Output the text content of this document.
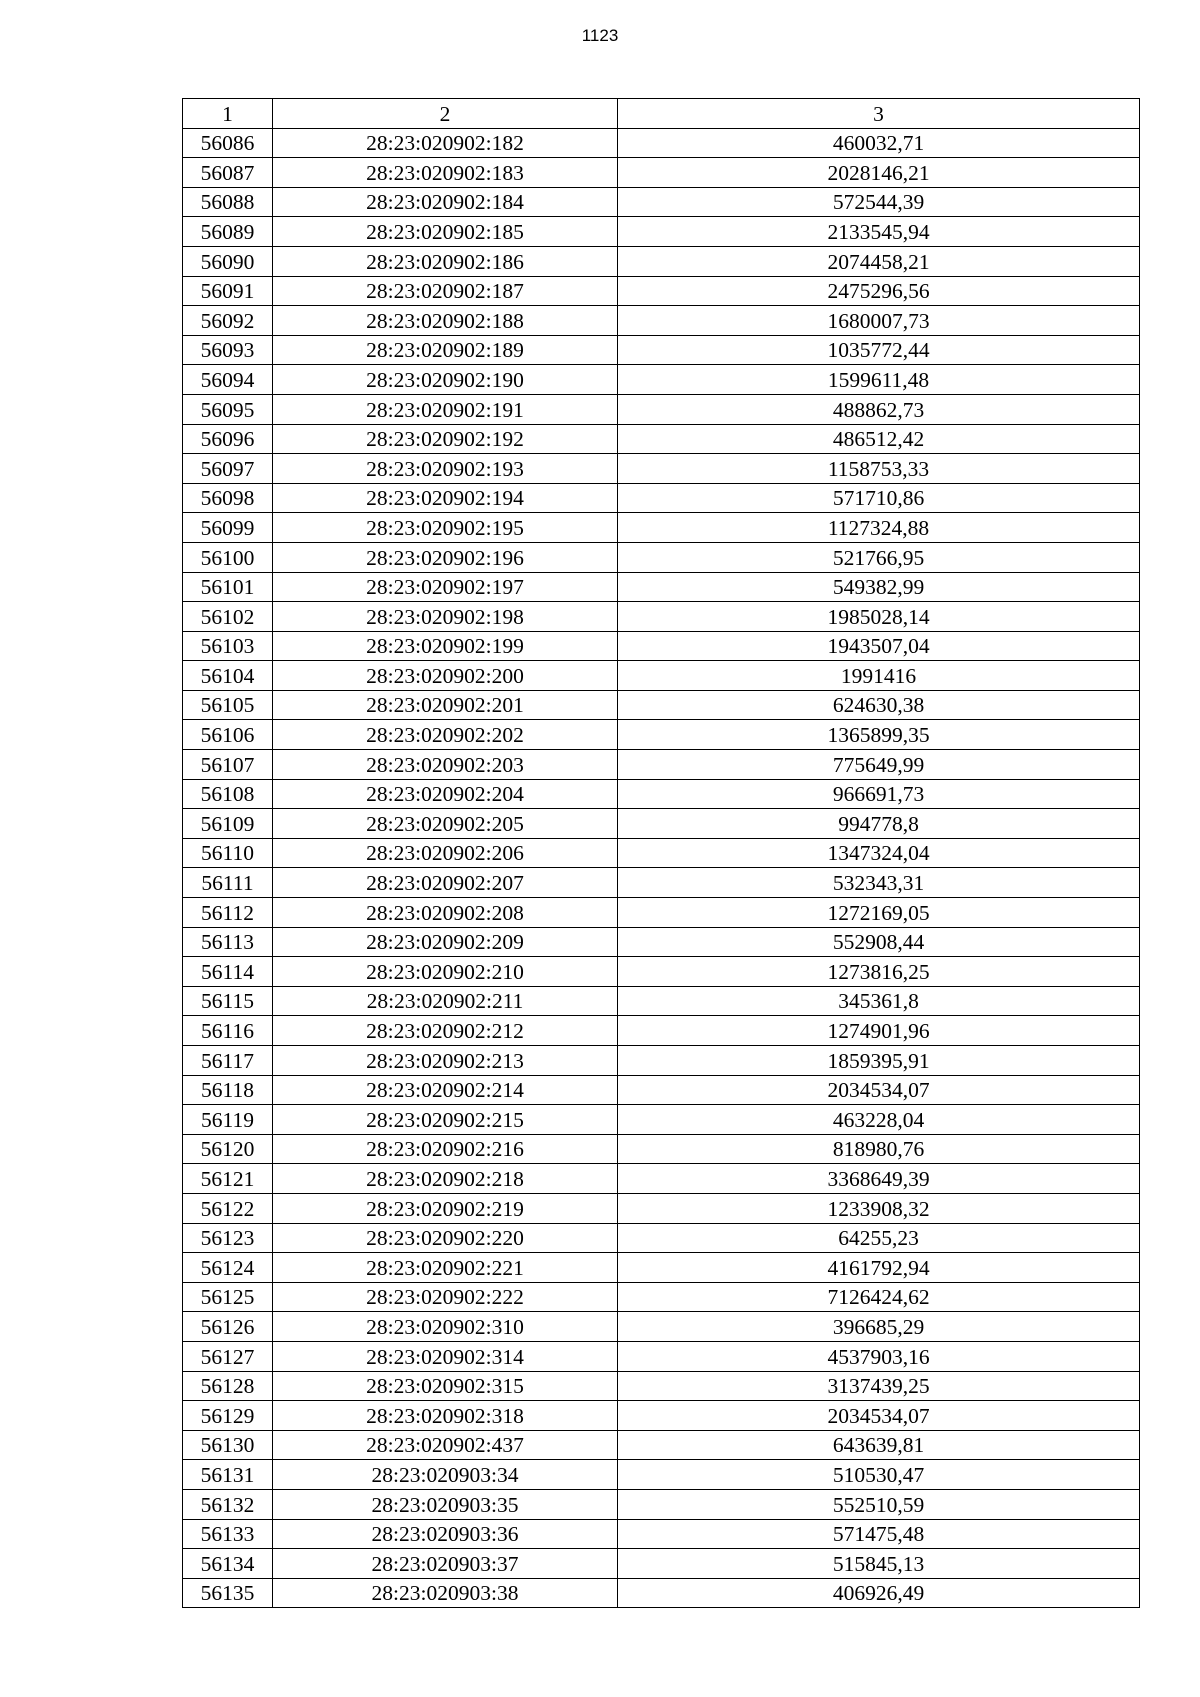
1123
1	2	3
56086	28:23:020902:182	460032,71
56087	28:23:020902:183	2028146,21
56088	28:23:020902:184	572544,39
56089	28:23:020902:185	2133545,94
56090	28:23:020902:186	2074458,21
56091	28:23:020902:187	2475296,56
56092	28:23:020902:188	1680007,73
56093	28:23:020902:189	1035772,44
56094	28:23:020902:190	1599611,48
56095	28:23:020902:191	488862,73
56096	28:23:020902:192	486512,42
56097	28:23:020902:193	1158753,33
56098	28:23:020902:194	571710,86
56099	28:23:020902:195	1127324,88
56100	28:23:020902:196	521766,95
56101	28:23:020902:197	549382,99
56102	28:23:020902:198	1985028,14
56103	28:23:020902:199	1943507,04
56104	28:23:020902:200	1991416
56105	28:23:020902:201	624630,38
56106	28:23:020902:202	1365899,35
56107	28:23:020902:203	775649,99
56108	28:23:020902:204	966691,73
56109	28:23:020902:205	994778,8
56110	28:23:020902:206	1347324,04
56111	28:23:020902:207	532343,31
56112	28:23:020902:208	1272169,05
56113	28:23:020902:209	552908,44
56114	28:23:020902:210	1273816,25
56115	28:23:020902:211	345361,8
56116	28:23:020902:212	1274901,96
56117	28:23:020902:213	1859395,91
56118	28:23:020902:214	2034534,07
56119	28:23:020902:215	463228,04
56120	28:23:020902:216	818980,76
56121	28:23:020902:218	3368649,39
56122	28:23:020902:219	1233908,32
56123	28:23:020902:220	64255,23
56124	28:23:020902:221	4161792,94
56125	28:23:020902:222	7126424,62
56126	28:23:020902:310	396685,29
56127	28:23:020902:314	4537903,16
56128	28:23:020902:315	3137439,25
56129	28:23:020902:318	2034534,07
56130	28:23:020902:437	643639,81
56131	28:23:020903:34	510530,47
56132	28:23:020903:35	552510,59
56133	28:23:020903:36	571475,48
56134	28:23:020903:37	515845,13
56135	28:23:020903:38	406926,49
